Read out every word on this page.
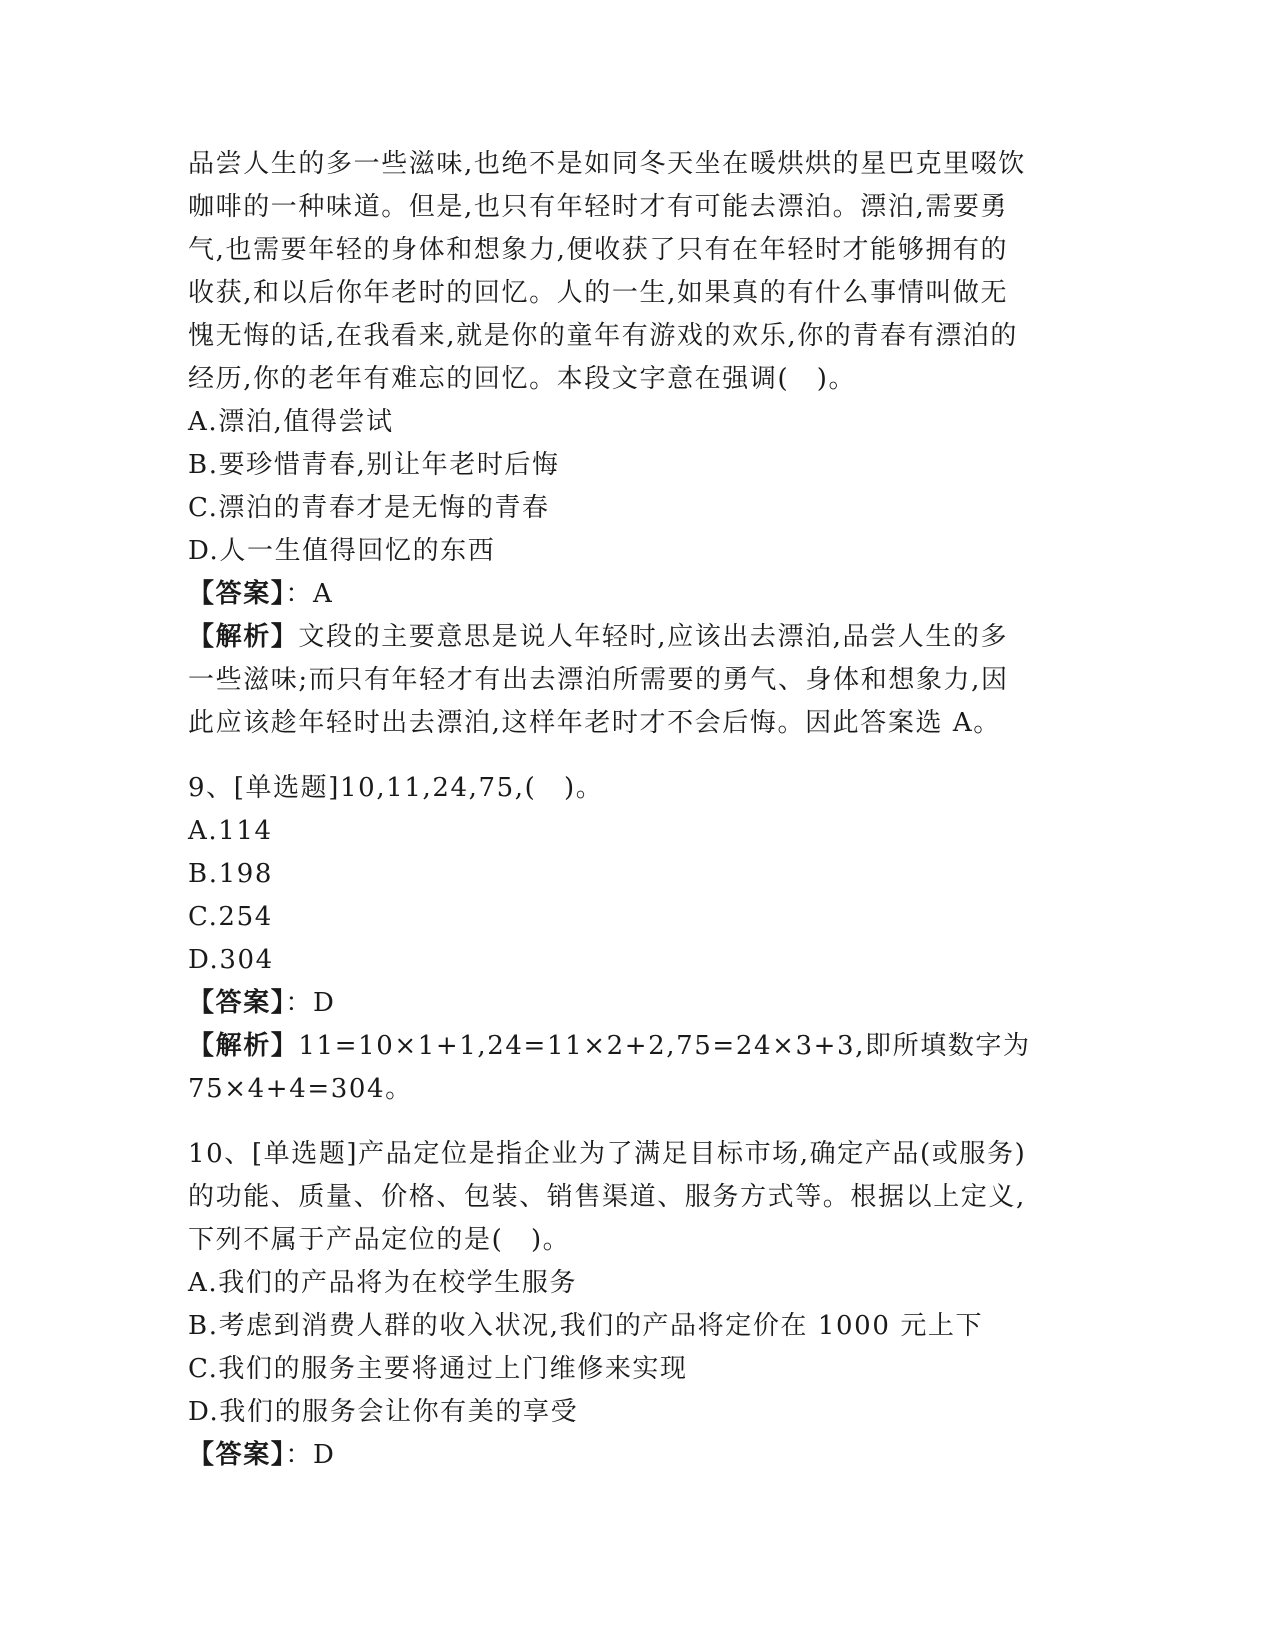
品尝人生的多一些滋味,也绝不是如同冬天坐在暖烘烘的星巴克里啜饮
咖啡的一种味道。但是,也只有年轻时才有可能去漂泊。漂泊,需要勇
气,也需要年轻的身体和想象力,便收获了只有在年轻时才能够拥有的
收获,和以后你年老时的回忆。人的一生,如果真的有什么事情叫做无
愧无悔的话,在我看来,就是你的童年有游戏的欢乐,你的青春有漂泊的
经历,你的老年有难忘的回忆。本段文字意在强调(　)。
A.漂泊,值得尝试
B.要珍惜青春,别让年老时后悔
C.漂泊的青春才是无悔的青春
D.人一生值得回忆的东西
【答案】：A
【解析】文段的主要意思是说人年轻时,应该出去漂泊,品尝人生的多
一些滋味;而只有年轻才有出去漂泊所需要的勇气、身体和想象力,因
此应该趁年轻时出去漂泊,这样年老时才不会后悔。因此答案选 A。
9、[单选题]10,11,24,75,(　)。
A.114
B.198
C.254
D.304
【答案】：D
【解析】11=10×1+1,24=11×2+2,75=24×3+3,即所填数字为
75×4+4=304。
10、[单选题]产品定位是指企业为了满足目标市场,确定产品(或服务)
的功能、质量、价格、包装、销售渠道、服务方式等。根据以上定义,
下列不属于产品定位的是(　)。
A.我们的产品将为在校学生服务
B.考虑到消费人群的收入状况,我们的产品将定价在 1000 元上下
C.我们的服务主要将通过上门维修来实现
D.我们的服务会让你有美的享受
【答案】：D
